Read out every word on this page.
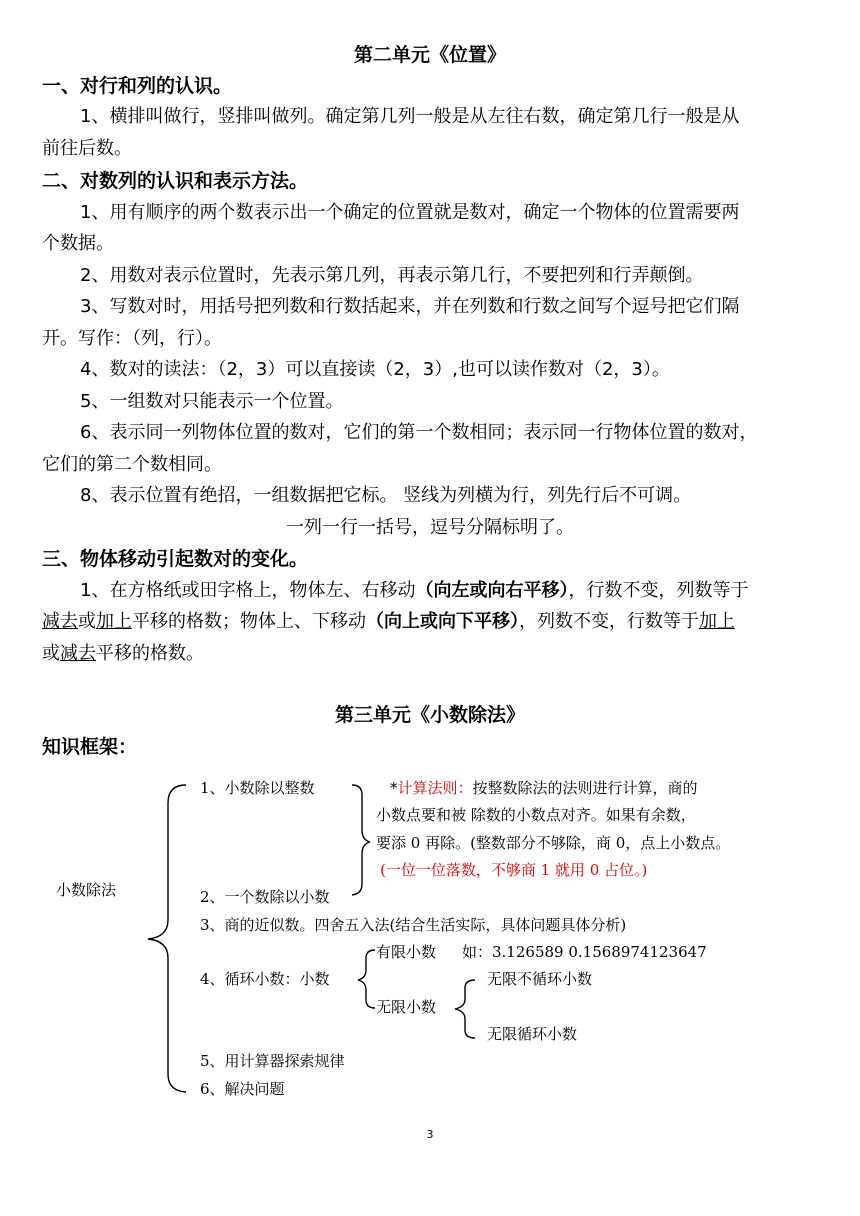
第二单元《位置》
一、对行和列的认识。
1、横排叫做行，竖排叫做列。确定第几列一般是从左往右数，确定第几行一般是从
前往后数。
二、对数列的认识和表示方法。
1、用有顺序的两个数表示出一个确定的位置就是数对，确定一个物体的位置需要两
个数据。
2、用数对表示位置时，先表示第几列，再表示第几行，不要把列和行弄颠倒。
3、写数对时，用括号把列数和行数括起来，并在列数和行数之间写个逗号把它们隔
开。写作：（列，行）。
4、数对的读法：（2，3）可以直接读（2，3）,也可以读作数对（2，3）。
5、一组数对只能表示一个位置。
6、表示同一列物体位置的数对，它们的第一个数相同；表示同一行物体位置的数对，
它们的第二个数相同。
8、表示位置有绝招，一组数据把它标。 竖线为列横为行，列先行后不可调。
一列一行一括号，逗号分隔标明了。
三、物体移动引起数对的变化。
1、在方格纸或田字格上，物体左、右移动（向左或向右平移），行数不变，列数等于
减去或加上平移的格数；物体上、下移动（向上或向下平移），列数不变，行数等于加上
或减去平移的格数。
第三单元《小数除法》
知识框架：
小数除法
1、小数除以整数	*计算法则：按整数除法的法则进行计算，商的
小数点要和被 除数的小数点对齐。如果有余数，
要添 0 再除。(整数部分不够除，商 0，点上小数点。
(一位一位落数，不够商 1 就用 0 占位。)
2、一个数除以小数
3、商的近似数。四舍五入法(结合生活实际，具体问题具体分析)
有限小数 如：3.126589 0.1568974123647
4、循环小数：小数	无限不循环小数
无限小数
无限循环小数
5、用计算器探索规律
6、解决问题
3
